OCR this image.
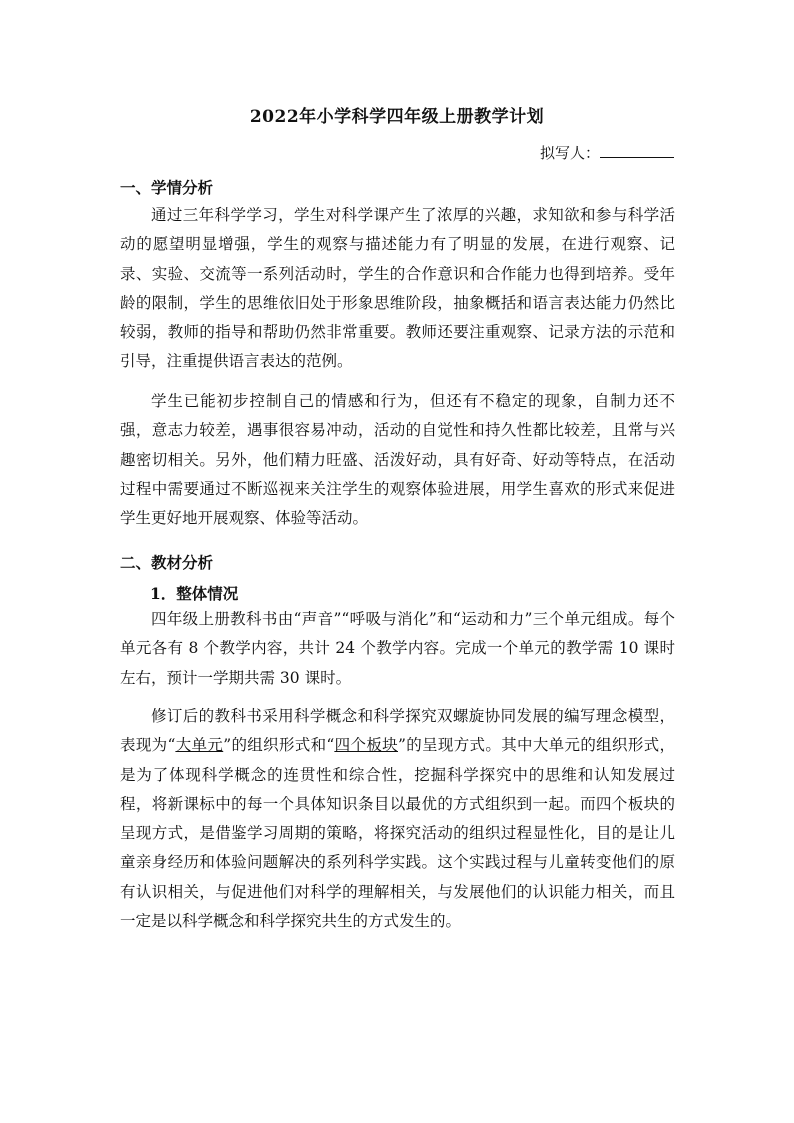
2022年小学科学四年级上册教学计划
拟写人：
一、学情分析

通过三年科学学习，学生对科学课产生了浓厚的兴趣，求知欲和参与科学活动的愿望明显增强，学生的观察与描述能力有了明显的发展，在进行观察、记录、实验、交流等一系列活动时，学生的合作意识和合作能力也得到培养。受年龄的限制，学生的思维依旧处于形象思维阶段，抽象概括和语言表达能力仍然比较弱，教师的指导和帮助仍然非常重要。教师还要注重观察、记录方法的示范和引导，注重提供语言表达的范例。

学生已能初步控制自己的情感和行为，但还有不稳定的现象，自制力还不强，意志力较差，遇事很容易冲动，活动的自觉性和持久性都比较差，且常与兴趣密切相关。另外，他们精力旺盛、活泼好动，具有好奇、好动等特点，在活动过程中需要通过不断巡视来关注学生的观察体验进展，用学生喜欢的形式来促进学生更好地开展观察、体验等活动。

二、教材分析
1．整体情况

四年级上册教科书由“声音”“呼吸与消化”和“运动和力”三个单元组成。每个单元各有 8 个教学内容，共计 24 个教学内容。完成一个单元的教学需 10 课时左右，预计一学期共需 30 课时。

修订后的教科书采用科学概念和科学探究双螺旋协同发展的编写理念模型，表现为“大单元”的组织形式和“四个板块”的呈现方式。其中大单元的组织形式，是为了体现科学概念的连贯性和综合性，挖掘科学探究中的思维和认知发展过程，将新课标中的每一个具体知识条目以最优的方式组织到一起。而四个板块的呈现方式，是借鉴学习周期的策略，将探究活动的组织过程显性化，目的是让儿童亲身经历和体验问题解决的系列科学实践。这个实践过程与儿童转变他们的原有认识相关，与促进他们对科学的理解相关，与发展他们的认识能力相关，而且一定是以科学概念和科学探究共生的方式发生的。
